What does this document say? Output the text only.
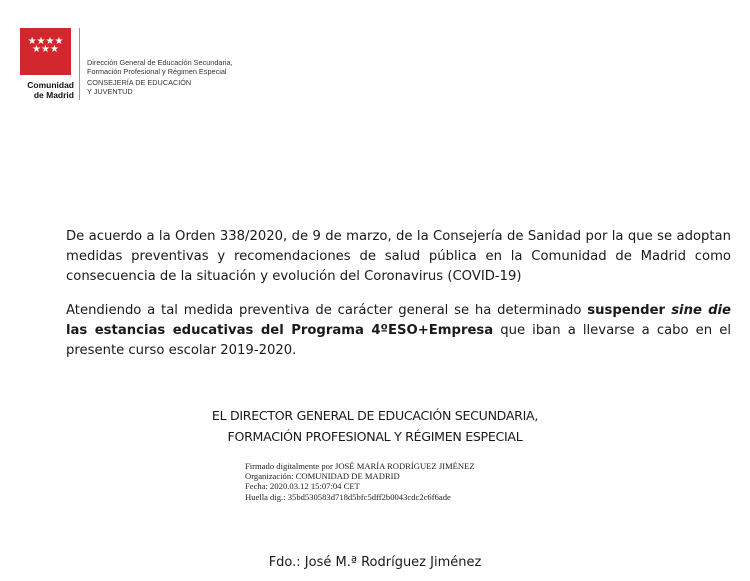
★★★★
★★★
Comunidad
de Madrid
Dirección General de Educación Secundaria,
Formación Profesional y Régimen Especial
CONSEJERÍA DE EDUCACIÓN
Y JUVENTUD

De acuerdo a la Orden 338/2020, de 9 de marzo, de la Consejería de Sanidad por la que se adoptan medidas preventivas y recomendaciones de salud pública en la Comunidad de Madrid como consecuencia de la situación y evolución del Coronavirus (COVID-19)

Atendiendo a tal medida preventiva de carácter general se ha determinado suspender sine die las estancias educativas del Programa 4ºESO+Empresa que iban a llevarse a cabo en el presente curso escolar 2019-2020.

EL DIRECTOR GENERAL DE EDUCACIÓN SECUNDARIA,
FORMACIÓN PROFESIONAL Y RÉGIMEN ESPECIAL
Firmado digitalmente por JOSÉ MARÍA RODRÍGUEZ JIMÉNEZ
Organización: COMUNIDAD DE MADRID
Fecha: 2020.03.12 15:07:04 CET
Huella dig.: 35bd530583d718d5bfc5dff2b0043cdc2c6f6ade
Fdo.: José M.ª Rodríguez Jiménez
